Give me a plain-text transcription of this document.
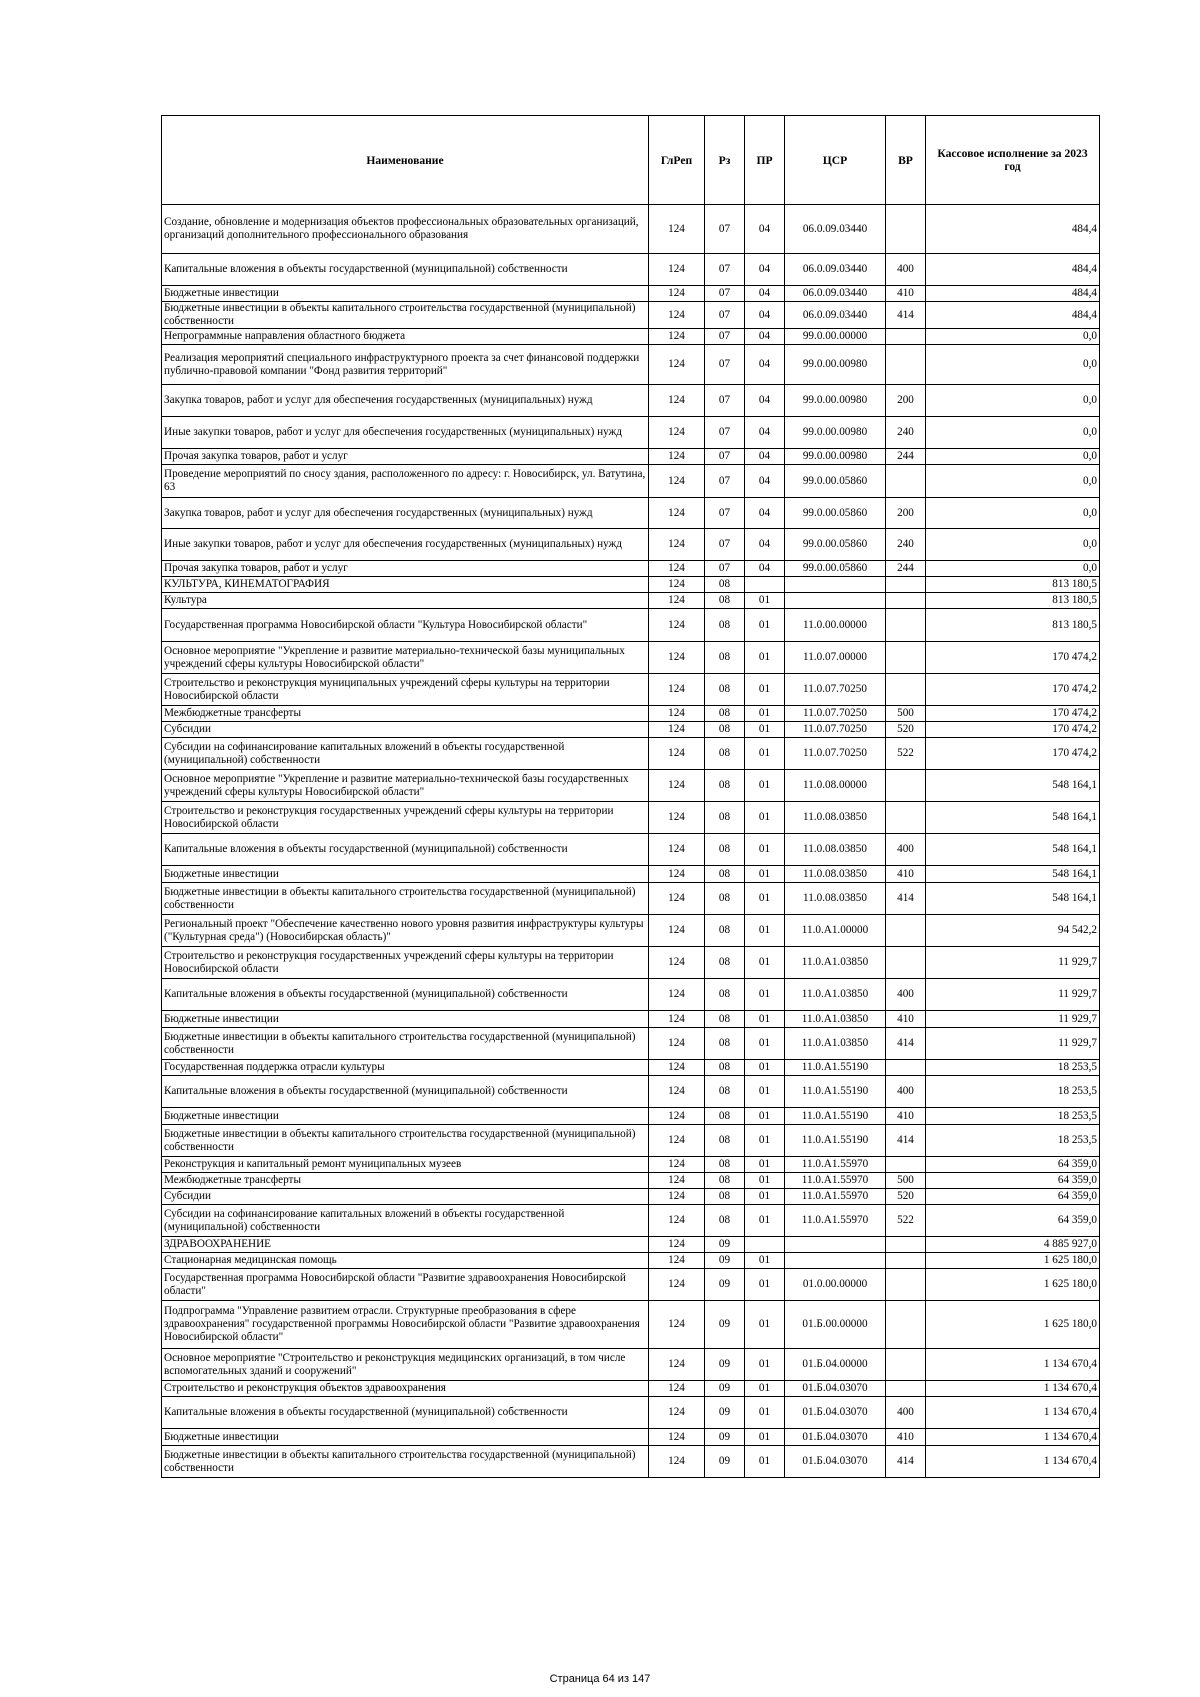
Наименование	ГлРеп	Рз	ПР	ЦСР	ВР	Кассовое исполнение за 2023 год
Создание, обновление и модернизация объектов профессиональных образовательных организаций, организаций дополнительного профессионального образования	124	07	04	06.0.09.03440		484,4
Капитальные вложения в объекты государственной (муниципальной) собственности	124	07	04	06.0.09.03440	400	484,4
Бюджетные инвестиции	124	07	04	06.0.09.03440	410	484,4
Бюджетные инвестиции в объекты капитального строительства государственной (муниципальной) собственности	124	07	04	06.0.09.03440	414	484,4
Непрограммные направления областного бюджета	124	07	04	99.0.00.00000		0,0
Реализация мероприятий специального инфраструктурного проекта за счет финансовой поддержки публично-правовой компании "Фонд развития территорий"	124	07	04	99.0.00.00980		0,0
Закупка товаров, работ и услуг для обеспечения государственных (муниципальных) нужд	124	07	04	99.0.00.00980	200	0,0
Иные закупки товаров, работ и услуг для обеспечения государственных (муниципальных) нужд	124	07	04	99.0.00.00980	240	0,0
Прочая закупка товаров, работ и услуг	124	07	04	99.0.00.00980	244	0,0
Проведение мероприятий по сносу здания, расположенного по адресу: г. Новосибирск, ул. Ватутина, 63	124	07	04	99.0.00.05860		0,0
Закупка товаров, работ и услуг для обеспечения государственных (муниципальных) нужд	124	07	04	99.0.00.05860	200	0,0
Иные закупки товаров, работ и услуг для обеспечения государственных (муниципальных) нужд	124	07	04	99.0.00.05860	240	0,0
Прочая закупка товаров, работ и услуг	124	07	04	99.0.00.05860	244	0,0
КУЛЬТУРА, КИНЕМАТОГРАФИЯ	124	08				813 180,5
Культура	124	08	01			813 180,5
Государственная программа Новосибирской области "Культура Новосибирской области"	124	08	01	11.0.00.00000		813 180,5
Основное мероприятие "Укрепление и развитие материально-технической базы муниципальных учреждений сферы культуры Новосибирской области"	124	08	01	11.0.07.00000		170 474,2
Строительство и реконструкция муниципальных учреждений сферы культуры на территории Новосибирской области	124	08	01	11.0.07.70250		170 474,2
Межбюджетные трансферты	124	08	01	11.0.07.70250	500	170 474,2
Субсидии	124	08	01	11.0.07.70250	520	170 474,2
Субсидии на софинансирование капитальных вложений в объекты государственной (муниципальной) собственности	124	08	01	11.0.07.70250	522	170 474,2
Основное мероприятие "Укрепление и развитие материально-технической базы государственных учреждений сферы культуры Новосибирской области"	124	08	01	11.0.08.00000		548 164,1
Строительство и реконструкция государственных учреждений сферы культуры на территории Новосибирской области	124	08	01	11.0.08.03850		548 164,1
Капитальные вложения в объекты государственной (муниципальной) собственности	124	08	01	11.0.08.03850	400	548 164,1
Бюджетные инвестиции	124	08	01	11.0.08.03850	410	548 164,1
Бюджетные инвестиции в объекты капитального строительства государственной (муниципальной) собственности	124	08	01	11.0.08.03850	414	548 164,1
Региональный проект "Обеспечение качественно нового уровня развития инфраструктуры культуры ("Культурная среда") (Новосибирская область)"	124	08	01	11.0.A1.00000		94 542,2
Строительство и реконструкция государственных учреждений сферы культуры на территории Новосибирской области	124	08	01	11.0.A1.03850		11 929,7
Капитальные вложения в объекты государственной (муниципальной) собственности	124	08	01	11.0.A1.03850	400	11 929,7
Бюджетные инвестиции	124	08	01	11.0.A1.03850	410	11 929,7
Бюджетные инвестиции в объекты капитального строительства государственной (муниципальной) собственности	124	08	01	11.0.A1.03850	414	11 929,7
Государственная поддержка отрасли культуры	124	08	01	11.0.A1.55190		18 253,5
Капитальные вложения в объекты государственной (муниципальной) собственности	124	08	01	11.0.A1.55190	400	18 253,5
Бюджетные инвестиции	124	08	01	11.0.A1.55190	410	18 253,5
Бюджетные инвестиции в объекты капитального строительства государственной (муниципальной) собственности	124	08	01	11.0.A1.55190	414	18 253,5
Реконструкция и капитальный ремонт муниципальных музеев	124	08	01	11.0.A1.55970		64 359,0
Межбюджетные трансферты	124	08	01	11.0.A1.55970	500	64 359,0
Субсидии	124	08	01	11.0.A1.55970	520	64 359,0
Субсидии на софинансирование капитальных вложений в объекты государственной (муниципальной) собственности	124	08	01	11.0.A1.55970	522	64 359,0
ЗДРАВООХРАНЕНИЕ	124	09				4 885 927,0
Стационарная медицинская помощь	124	09	01			1 625 180,0
Государственная программа Новосибирской области "Развитие здравоохранения Новосибирской области"	124	09	01	01.0.00.00000		1 625 180,0
Подпрограмма "Управление развитием отрасли. Структурные преобразования в сфере здравоохранения" государственной программы Новосибирской области "Развитие здравоохранения Новосибирской области"	124	09	01	01.Б.00.00000		1 625 180,0
Основное мероприятие "Строительство и реконструкция медицинских организаций, в том числе вспомогательных зданий и сооружений"	124	09	01	01.Б.04.00000		1 134 670,4
Строительство и реконструкция объектов здравоохранения	124	09	01	01.Б.04.03070		1 134 670,4
Капитальные вложения в объекты государственной (муниципальной) собственности	124	09	01	01.Б.04.03070	400	1 134 670,4
Бюджетные инвестиции	124	09	01	01.Б.04.03070	410	1 134 670,4
Бюджетные инвестиции в объекты капитального строительства государственной (муниципальной) собственности	124	09	01	01.Б.04.03070	414	1 134 670,4
Страница 64 из 147
